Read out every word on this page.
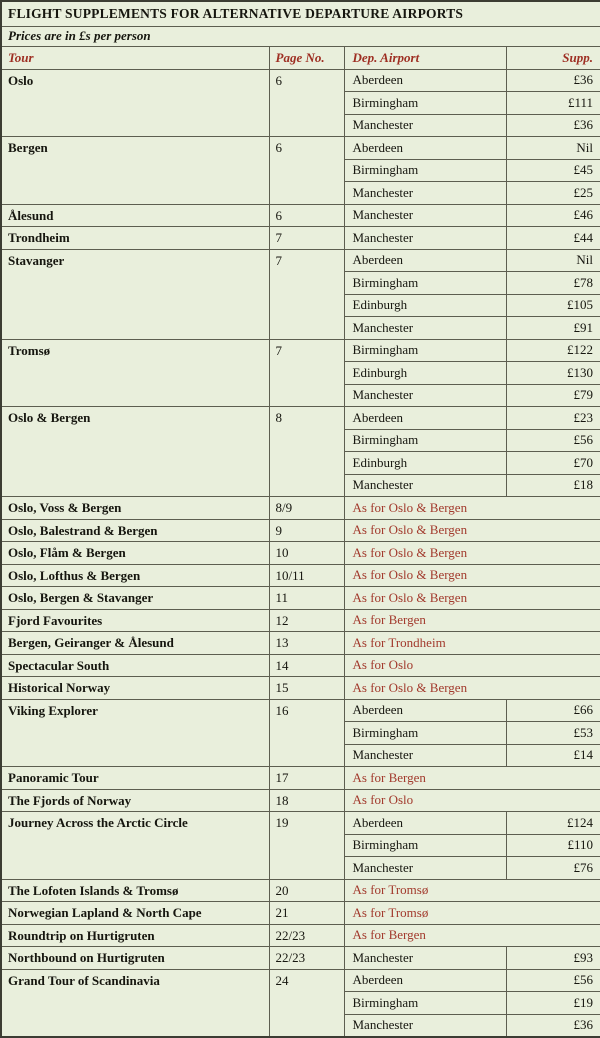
FLIGHT SUPPLEMENTS FOR ALTERNATIVE DEPARTURE AIRPORTS			
Prices are in £s per person			
Tour	Page No.	Dep. Airport	Supp.
Oslo	6	Aberdeen	£36
		Birmingham	£111
		Manchester	£36
Bergen	6	Aberdeen	Nil
		Birmingham	£45
		Manchester	£25
Ålesund	6	Manchester	£46
Trondheim	7	Manchester	£44
Stavanger	7	Aberdeen	Nil
		Birmingham	£78
		Edinburgh	£105
		Manchester	£91
Tromsø	7	Birmingham	£122
		Edinburgh	£130
		Manchester	£79
Oslo & Bergen	8	Aberdeen	£23
		Birmingham	£56
		Edinburgh	£70
		Manchester	£18
Oslo, Voss & Bergen	8/9	As for Oslo & Bergen	
Oslo, Balestrand & Bergen	9	As for Oslo & Bergen	
Oslo, Flåm & Bergen	10	As for Oslo & Bergen	
Oslo, Lofthus & Bergen	10/11	As for Oslo & Bergen	
Oslo, Bergen & Stavanger	11	As for Oslo & Bergen	
Fjord Favourites	12	As for Bergen	
Bergen, Geiranger & Ålesund	13	As for Trondheim	
Spectacular South	14	As for Oslo	
Historical Norway	15	As for Oslo & Bergen	
Viking Explorer	16	Aberdeen	£66
		Birmingham	£53
		Manchester	£14
Panoramic Tour	17	As for Bergen	
The Fjords of Norway	18	As for Oslo	
Journey Across the Arctic Circle	19	Aberdeen	£124
		Birmingham	£110
		Manchester	£76
The Lofoten Islands & Tromsø	20	As for Tromsø	
Norwegian Lapland & North Cape	21	As for Tromsø	
Roundtrip on Hurtigruten	22/23	As for Bergen	
Northbound on Hurtigruten	22/23	Manchester	£93
Grand Tour of Scandinavia	24	Aberdeen	£56
		Birmingham	£19
		Manchester	£36
